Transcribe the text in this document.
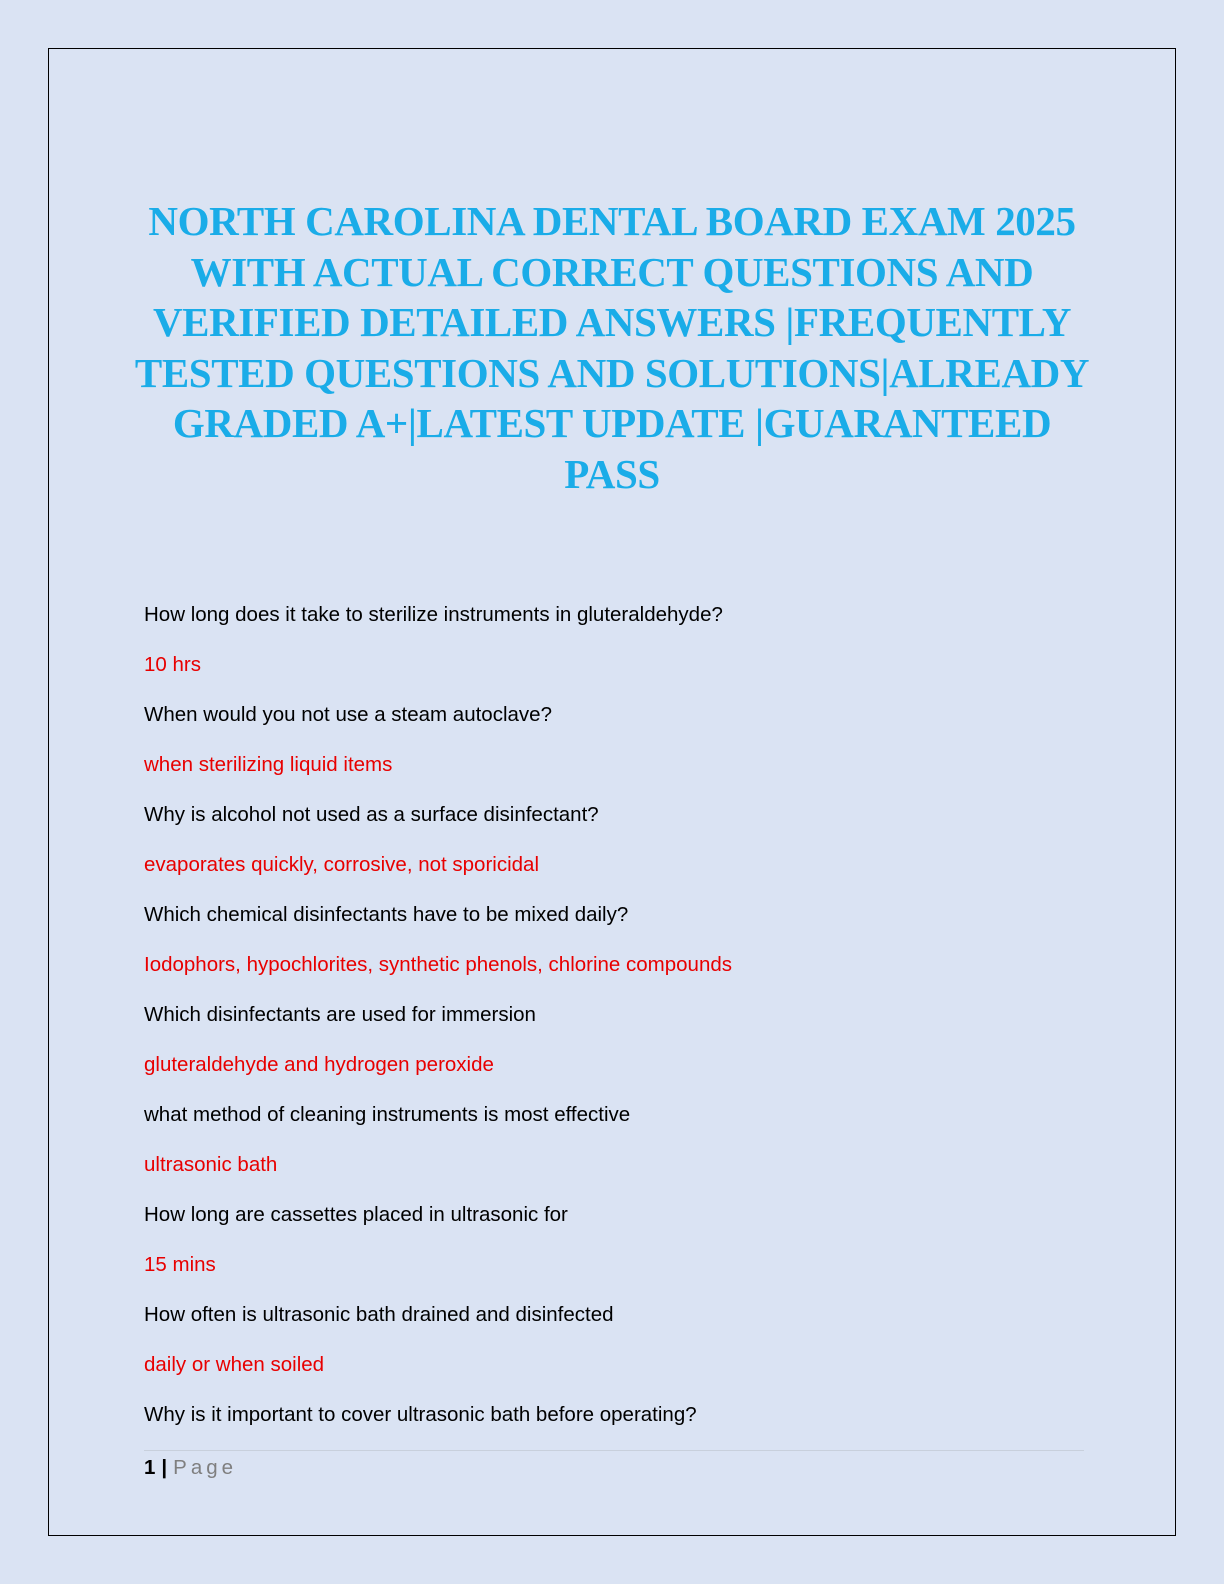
NORTH CAROLINA DENTAL BOARD EXAM 2025 WITH ACTUAL CORRECT QUESTIONS AND VERIFIED DETAILED ANSWERS |FREQUENTLY TESTED QUESTIONS AND SOLUTIONS|ALREADY GRADED A+|LATEST UPDATE |GUARANTEED PASS
How long does it take to sterilize instruments in gluteraldehyde?
10 hrs
When would you not use a steam autoclave?
when sterilizing liquid items
Why is alcohol not used as a surface disinfectant?
evaporates quickly, corrosive, not sporicidal
Which chemical disinfectants have to be mixed daily?
Iodophors, hypochlorites, synthetic phenols, chlorine compounds
Which disinfectants are used for immersion
gluteraldehyde and hydrogen peroxide
what method of cleaning instruments is most effective
ultrasonic bath
How long are cassettes placed in ultrasonic for
15 mins
How often is ultrasonic bath drained and disinfected
daily or when soiled
Why is it important to cover ultrasonic bath before operating?
1 | Page
